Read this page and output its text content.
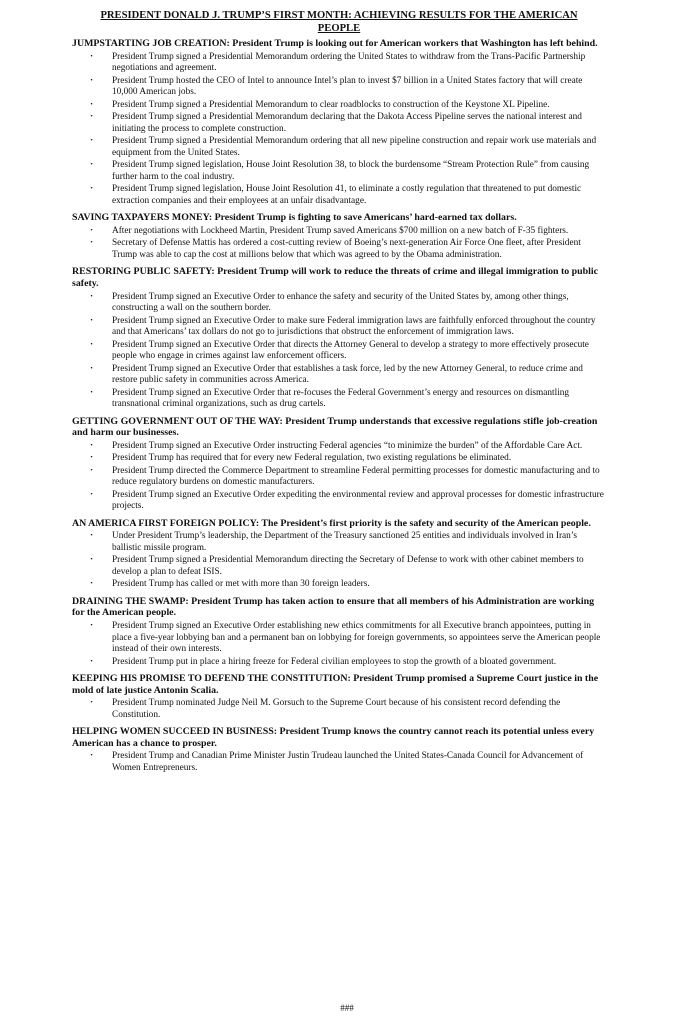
PRESIDENT DONALD J. TRUMP’S FIRST MONTH: ACHIEVING RESULTS FOR THE AMERICAN PEOPLE
JUMPSTARTING JOB CREATION: President Trump is looking out for American workers that Washington has left behind.
· President Trump signed a Presidential Memorandum ordering the United States to withdraw from the Trans-Pacific Partnership negotiations and agreement.
· President Trump hosted the CEO of Intel to announce Intel’s plan to invest $7 billion in a United States factory that will create 10,000 American jobs.
· President Trump signed a Presidential Memorandum to clear roadblocks to construction of the Keystone XL Pipeline.
· President Trump signed a Presidential Memorandum declaring that the Dakota Access Pipeline serves the national interest and initiating the process to complete construction.
· President Trump signed a Presidential Memorandum ordering that all new pipeline construction and repair work use materials and equipment from the United States.
· President Trump signed legislation, House Joint Resolution 38, to block the burdensome “Stream Protection Rule” from causing further harm to the coal industry.
· President Trump signed legislation, House Joint Resolution 41, to eliminate a costly regulation that threatened to put domestic extraction companies and their employees at an unfair disadvantage.
SAVING TAXPAYERS MONEY: President Trump is fighting to save Americans’ hard-earned tax dollars.
· After negotiations with Lockheed Martin, President Trump saved Americans $700 million on a new batch of F-35 fighters.
· Secretary of Defense Mattis has ordered a cost-cutting review of Boeing’s next-generation Air Force One fleet, after President Trump was able to cap the cost at millions below that which was agreed to by the Obama administration.
RESTORING PUBLIC SAFETY: President Trump will work to reduce the threats of crime and illegal immigration to public safety.
· President Trump signed an Executive Order to enhance the safety and security of the United States by, among other things, constructing a wall on the southern border.
· President Trump signed an Executive Order to make sure Federal immigration laws are faithfully enforced throughout the country and that Americans’ tax dollars do not go to jurisdictions that obstruct the enforcement of immigration laws.
· President Trump signed an Executive Order that directs the Attorney General to develop a strategy to more effectively prosecute people who engage in crimes against law enforcement officers.
· President Trump signed an Executive Order that establishes a task force, led by the new Attorney General, to reduce crime and restore public safety in communities across America.
· President Trump signed an Executive Order that re-focuses the Federal Government’s energy and resources on dismantling transnational criminal organizations, such as drug cartels.
GETTING GOVERNMENT OUT OF THE WAY: President Trump understands that excessive regulations stifle job-creation and harm our businesses.
· President Trump signed an Executive Order instructing Federal agencies “to minimize the burden” of the Affordable Care Act.
· President Trump has required that for every new Federal regulation, two existing regulations be eliminated.
· President Trump directed the Commerce Department to streamline Federal permitting processes for domestic manufacturing and to reduce regulatory burdens on domestic manufacturers.
· President Trump signed an Executive Order expediting the environmental review and approval processes for domestic infrastructure projects.
AN AMERICA FIRST FOREIGN POLICY: The President’s first priority is the safety and security of the American people.
· Under President Trump’s leadership, the Department of the Treasury sanctioned 25 entities and individuals involved in Iran’s ballistic missile program.
· President Trump signed a Presidential Memorandum directing the Secretary of Defense to work with other cabinet members to develop a plan to defeat ISIS.
· President Trump has called or met with more than 30 foreign leaders.
DRAINING THE SWAMP: President Trump has taken action to ensure that all members of his Administration are working for the American people.
· President Trump signed an Executive Order establishing new ethics commitments for all Executive branch appointees, putting in place a five-year lobbying ban and a permanent ban on lobbying for foreign governments, so appointees serve the American people instead of their own interests.
· President Trump put in place a hiring freeze for Federal civilian employees to stop the growth of a bloated government.
KEEPING HIS PROMISE TO DEFEND THE CONSTITUTION: President Trump promised a Supreme Court justice in the mold of late justice Antonin Scalia.
· President Trump nominated Judge Neil M. Gorsuch to the Supreme Court because of his consistent record defending the Constitution.
HELPING WOMEN SUCCEED IN BUSINESS: President Trump knows the country cannot reach its potential unless every American has a chance to prosper.
· President Trump and Canadian Prime Minister Justin Trudeau launched the United States-Canada Council for Advancement of Women Entrepreneurs.
###
